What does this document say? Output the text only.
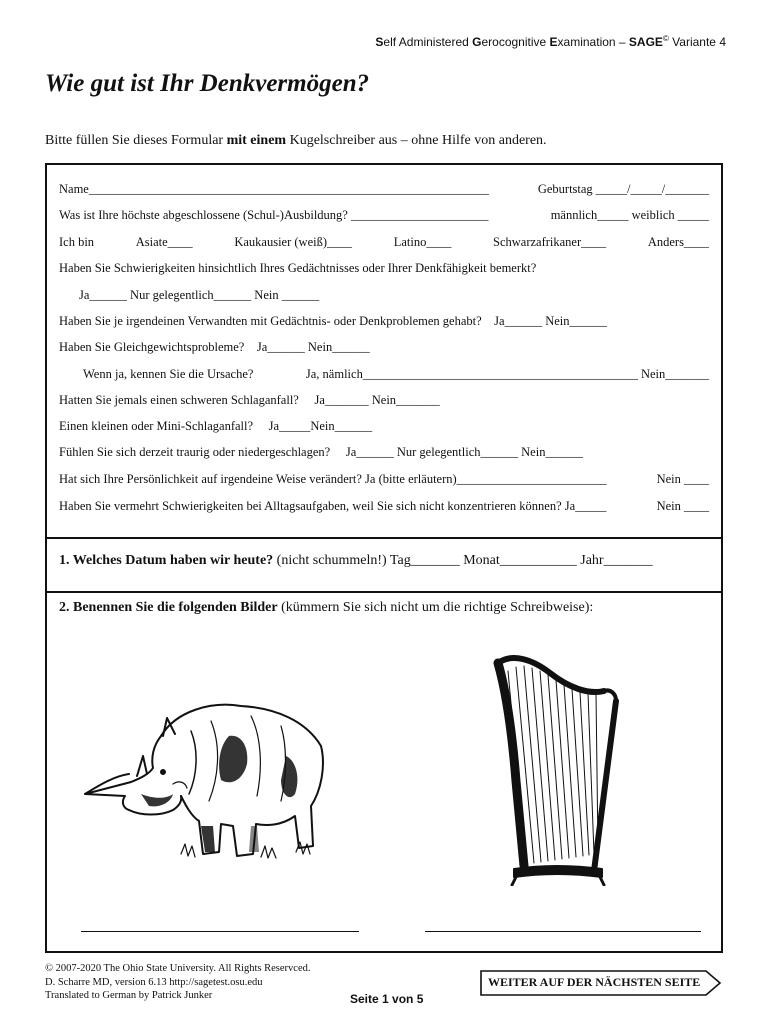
Self Administered Gerocognitive Examination – SAGE© Variante 4
Wie gut ist Ihr Denkvermögen?
Bitte füllen Sie dieses Formular mit einem Kugelschreiber aus – ohne Hilfe von anderen.
Name________________________________________________________________	Geburtstag _____/_____/_______
Was ist Ihre höchste abgeschlossene (Schul-)Ausbildung? ______________________	männlich_____ weiblich _____
Ich bin	Asiate____	Kaukausier (weiß)____	Latino____	Schwarzafrikaner____	Anders____
Haben Sie Schwierigkeiten hinsichtlich Ihres Gedächtnisses oder Ihrer Denkfähigkeit bemerkt?
Ja______ Nur gelegentlich______ Nein ______
Haben Sie je irgendeinen Verwandten mit Gedächtnis- oder Denkproblemen gehabt? Ja______ Nein______
Haben Sie Gleichgewichtsprobleme? Ja______ Nein______
Wenn ja, kennen Sie die Ursache?	Ja, nämlich____________________________________________ Nein_______
Hatten Sie jemals einen schweren Schlaganfall? Ja_______ Nein_______
Einen kleinen oder Mini-Schlaganfall? Ja_____Nein______
Fühlen Sie sich derzeit traurig oder niedergeschlagen? Ja______ Nur gelegentlich______ Nein______
Hat sich Ihre Persönlichkeit auf irgendeine Weise verändert? Ja (bitte erläutern)________________________	Nein ____
Haben Sie vermehrt Schwierigkeiten bei Alltagsaufgaben, weil Sie sich nicht konzentrieren können? Ja_____	Nein ____
1. Welches Datum haben wir heute? (nicht schummeln!) Tag_______ Monat___________ Jahr_______
2. Benennen Sie die folgenden Bilder (kümmern Sie sich nicht um die richtige Schreibweise):
© 2007-2020 The Ohio State University. All Rights Reservced.
D. Scharre MD, version 6.13 http://sagetest.osu.edu
Translated to German by Patrick Junker	Seite 1 von 5
WEITER AUF DER NÄCHSTEN SEITE
